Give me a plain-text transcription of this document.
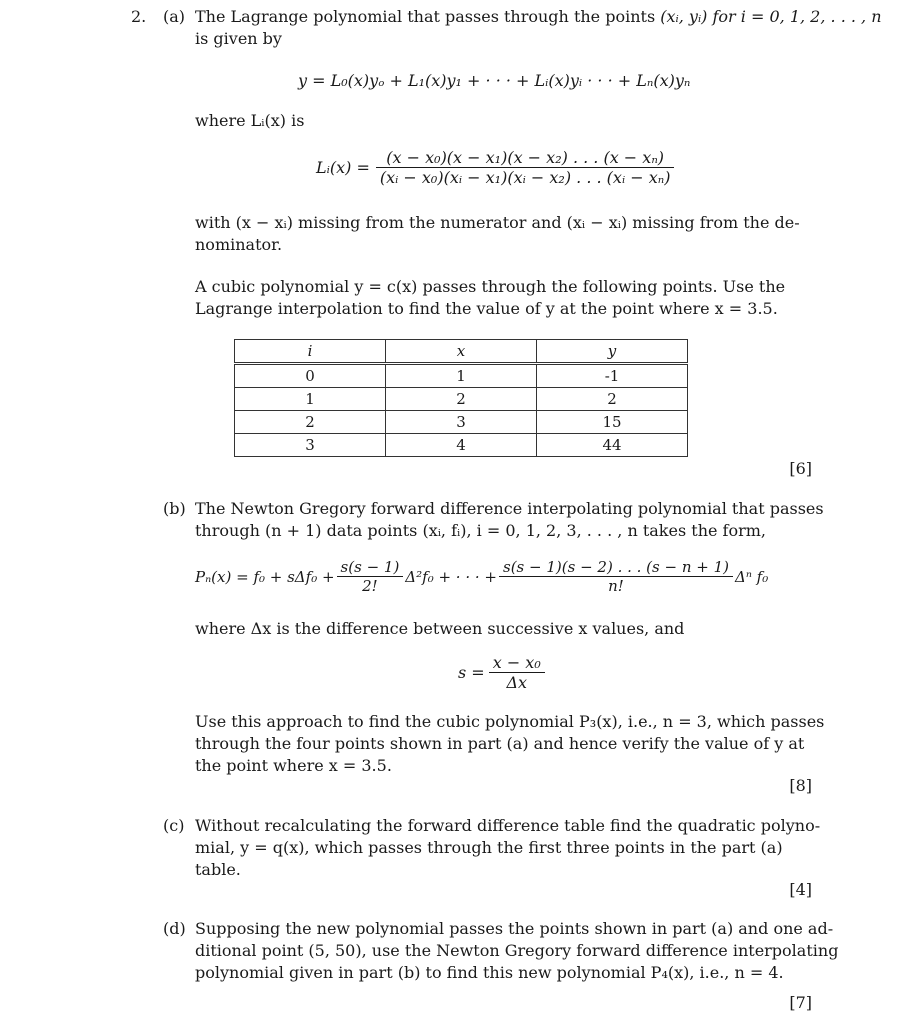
2. (a) The Lagrange polynomial that passes through the points (xᵢ, yᵢ) for i = 0, 1, 2, . . . , n
is given by
y = L₀(x)yₒ + L₁(x)y₁ + · · · + Lᵢ(x)yᵢ · · · + Lₙ(x)yₙ
where Lᵢ(x) is
Lᵢ(x) = $\frac{\text{(x − x₀)(x − x₁)(x − x₂) . . . (x − xₙ)}}{\text{(xᵢ − x₀)(xᵢ − x₁)(xᵢ − x₂) . . . (xᵢ − xₙ)}}$
with (x − xᵢ) missing from the numerator and (xᵢ − xᵢ) missing from the de-
nominator.
A cubic polynomial y = c(x) passes through the following points. Use the
Lagrange interpolation to find the value of y at the point where x = 3.5.
i	x	y
0	1	-1
1	2	2
2	3	15
3	4	44
[6]
(b) The Newton Gregory forward difference interpolating polynomial that passes
through (n + 1) data points (xᵢ, fᵢ), i = 0, 1, 2, 3, . . . , n takes the form,
$P_n(x) = f_0 + s\Delta f_0 + \frac{s(s - 1)}{2!} \Delta^2f_0$ + · · · + $\frac{s(s - 1)(s - 2) . . . (s - n + 1)}{n!}$ Δⁿ f₀
where Δx is the difference between successive x values, and
$s = \frac{\text{x − x₀}}{\Delta x}$
Use this approach to find the cubic polynomial P₃(x), i.e., n = 3, which passes
through the four points shown in part (a) and hence verify the value of y at
the point where x = 3.5.
[8]
(c) Without recalculating the forward difference table find the quadratic polyno-
mial, y = q(x), which passes through the first three points in the part (a)
table.
[4]
(d) Supposing the new polynomial passes the points shown in part (a) and one ad-
ditional point (5, 50), use the Newton Gregory forward difference interpolating
polynomial given in part (b) to find this new polynomial P₄(x), i.e., n = 4.
[7]
